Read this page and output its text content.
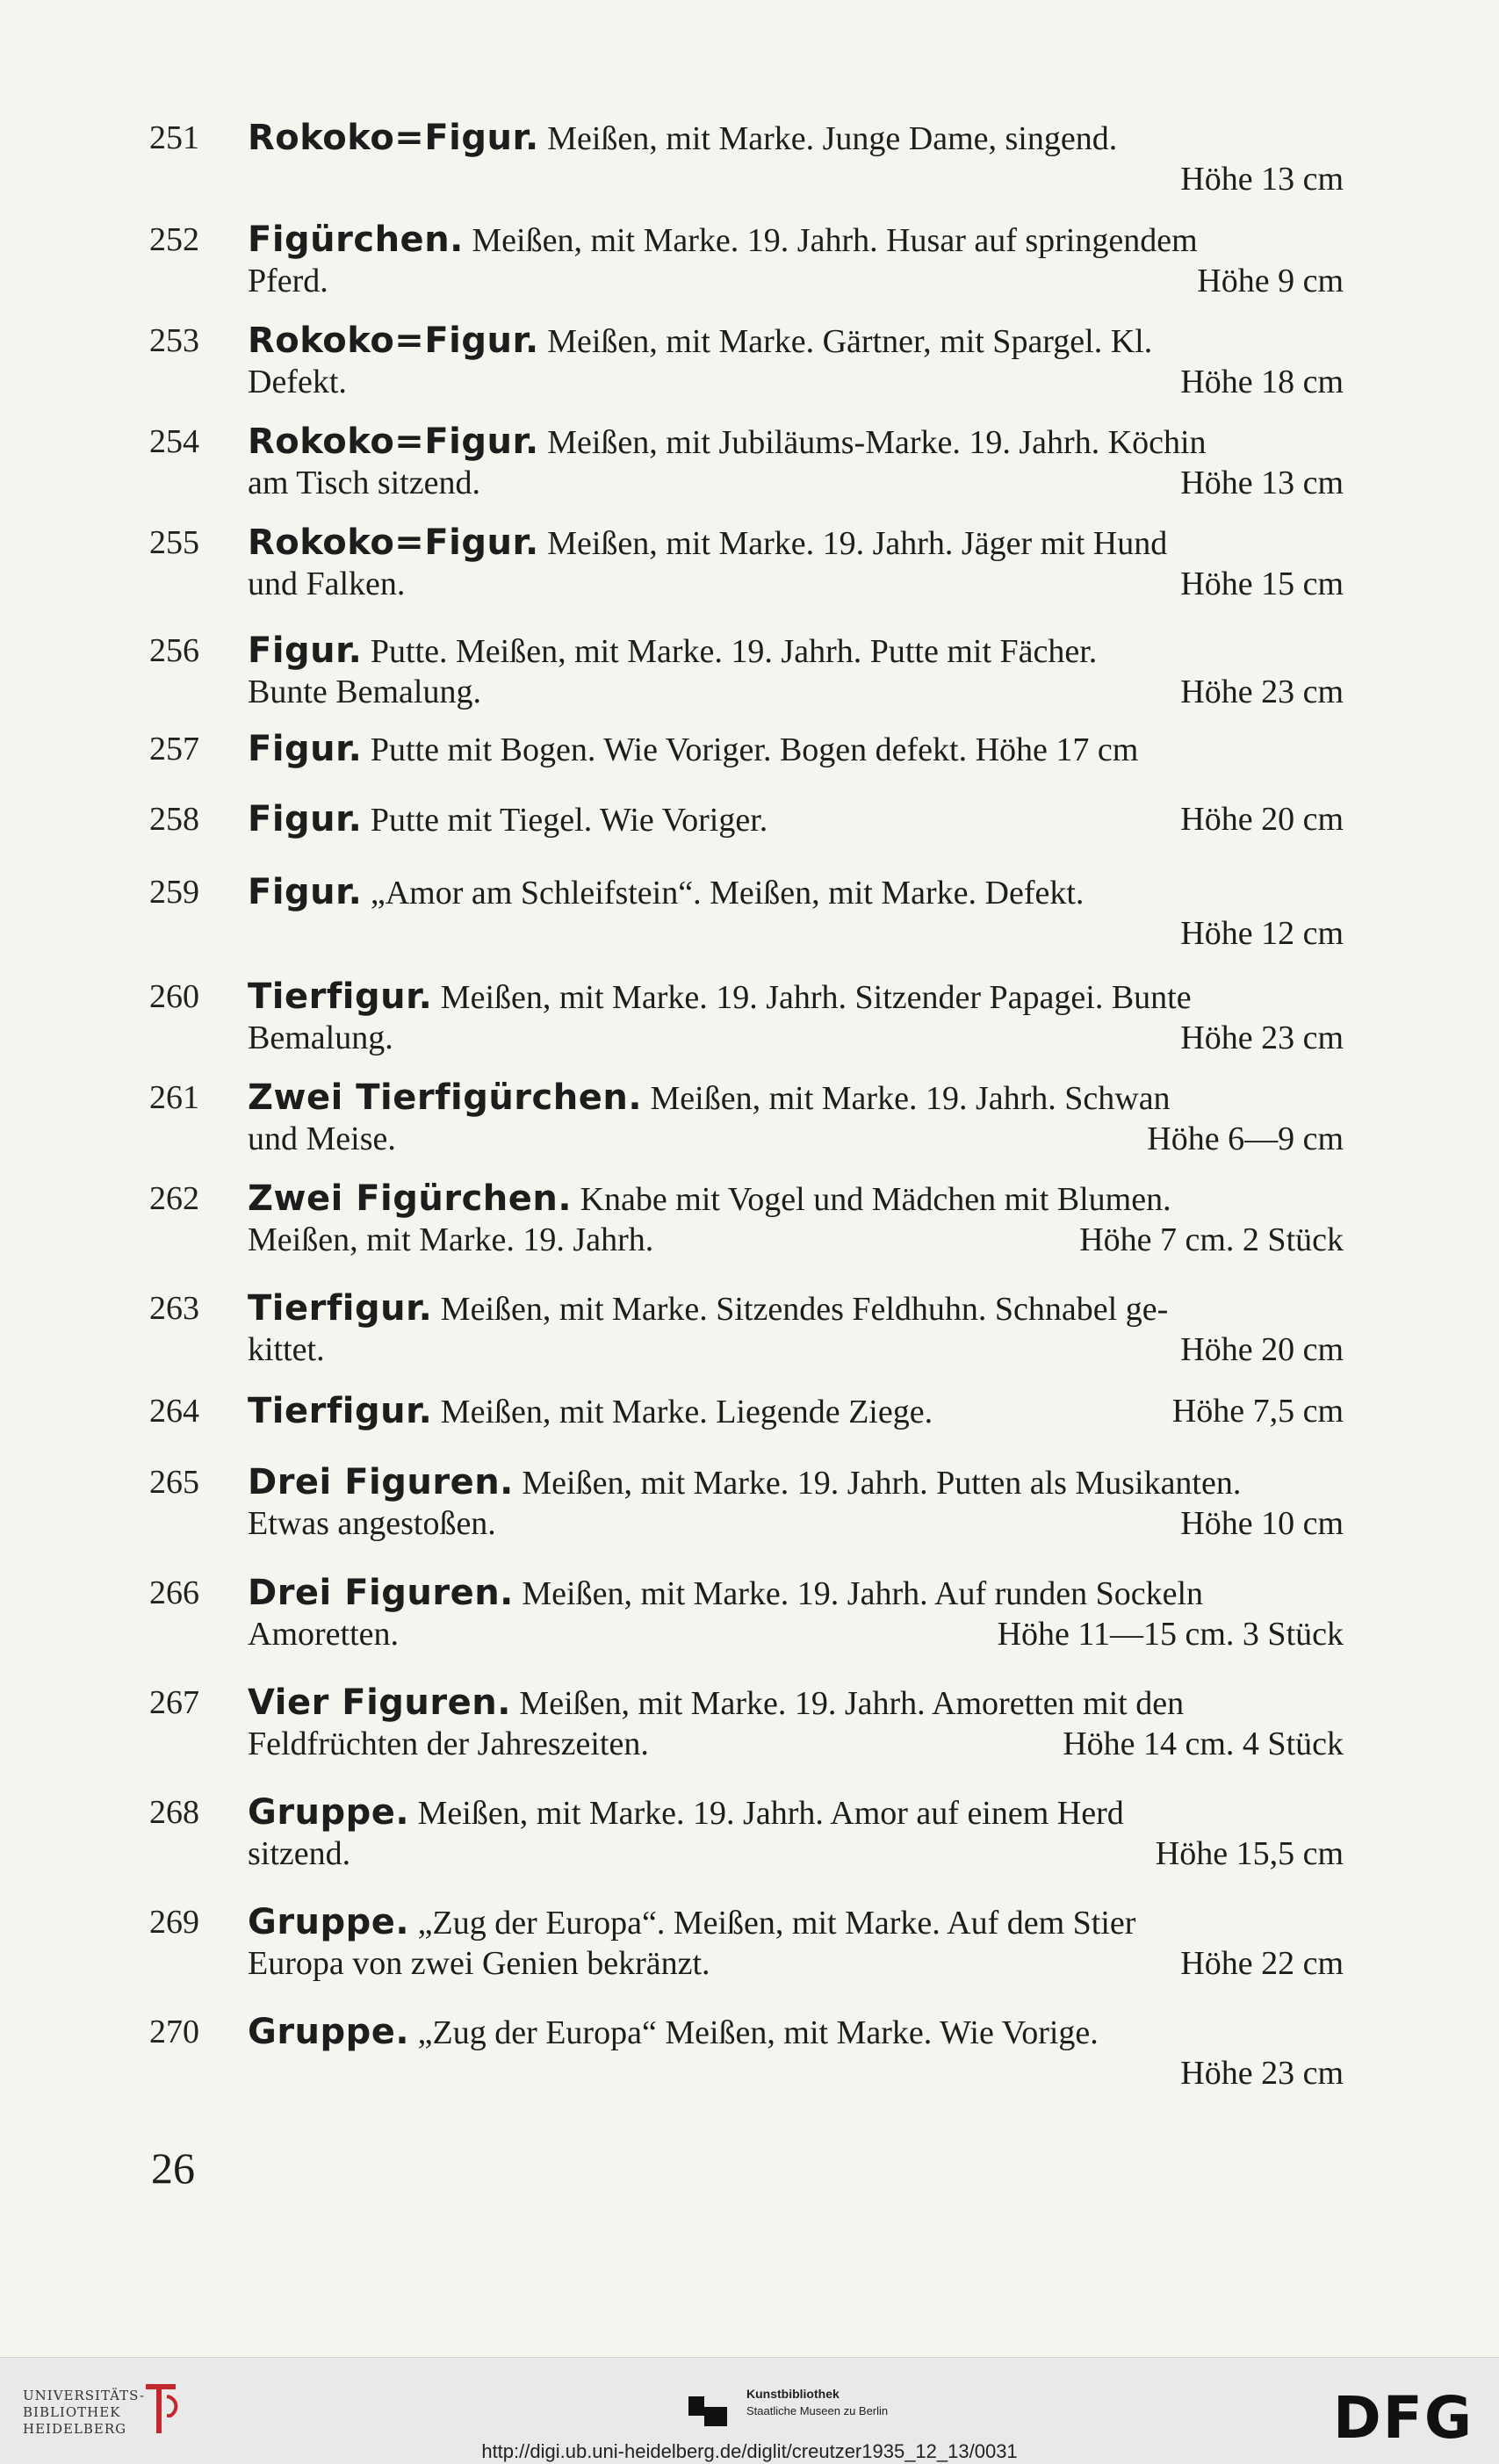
251 Rokoko=Figur. Meißen, mit Marke. Junge Dame, singend.
Höhe 13 cm
252 Figürchen. Meißen, mit Marke. 19. Jahrh. Husar auf springendem
Pferd.	Höhe 9 cm
253 Rokoko=Figur. Meißen, mit Marke. Gärtner, mit Spargel. Kl.
Defekt.	Höhe 18 cm
254 Rokoko=Figur. Meißen, mit Jubiläums-Marke. 19. Jahrh. Köchin
am Tisch sitzend.	Höhe 13 cm
255 Rokoko=Figur. Meißen, mit Marke. 19. Jahrh. Jäger mit Hund
und Falken.	Höhe 15 cm
256 Figur. Putte. Meißen, mit Marke. 19. Jahrh. Putte mit Fächer.
Bunte Bemalung.	Höhe 23 cm
257 Figur. Putte mit Bogen. Wie Voriger. Bogen defekt. Höhe 17 cm
258 Figur. Putte mit Tiegel. Wie Voriger.	Höhe 20 cm
259 Figur. „Amor am Schleifstein“. Meißen, mit Marke. Defekt.
Höhe 12 cm
260 Tierfigur. Meißen, mit Marke. 19. Jahrh. Sitzender Papagei. Bunte
Bemalung.	Höhe 23 cm
261 Zwei Tierfigürchen. Meißen, mit Marke. 19. Jahrh. Schwan
und Meise.	Höhe 6—9 cm
262 Zwei Figürchen. Knabe mit Vogel und Mädchen mit Blumen.
Meißen, mit Marke. 19. Jahrh.	Höhe 7 cm. 2 Stück
263 Tierfigur. Meißen, mit Marke. Sitzendes Feldhuhn. Schnabel ge-
kittet.	Höhe 20 cm
264 Tierfigur. Meißen, mit Marke. Liegende Ziege.	Höhe 7,5 cm
265 Drei Figuren. Meißen, mit Marke. 19. Jahrh. Putten als Musikanten.
Etwas angestoßen.	Höhe 10 cm
266 Drei Figuren. Meißen, mit Marke. 19. Jahrh. Auf runden Sockeln
Amoretten.	Höhe 11—15 cm. 3 Stück
267 Vier Figuren. Meißen, mit Marke. 19. Jahrh. Amoretten mit den
Feldfrüchten der Jahreszeiten.	Höhe 14 cm. 4 Stück
268 Gruppe. Meißen, mit Marke. 19. Jahrh. Amor auf einem Herd
sitzend.	Höhe 15,5 cm
269 Gruppe. „Zug der Europa“. Meißen, mit Marke. Auf dem Stier
Europa von zwei Genien bekränzt.	Höhe 22 cm
270 Gruppe. „Zug der Europa“ Meißen, mit Marke. Wie Vorige.
Höhe 23 cm
26
UNIVERSITÄTS-
BIBLIOTHEK
HEIDELBERG
Kunstbibliothek
Staatliche Museen zu Berlin	DFG
http://digi.ub.uni-heidelberg.de/diglit/creutzer1935_12_13/0031
